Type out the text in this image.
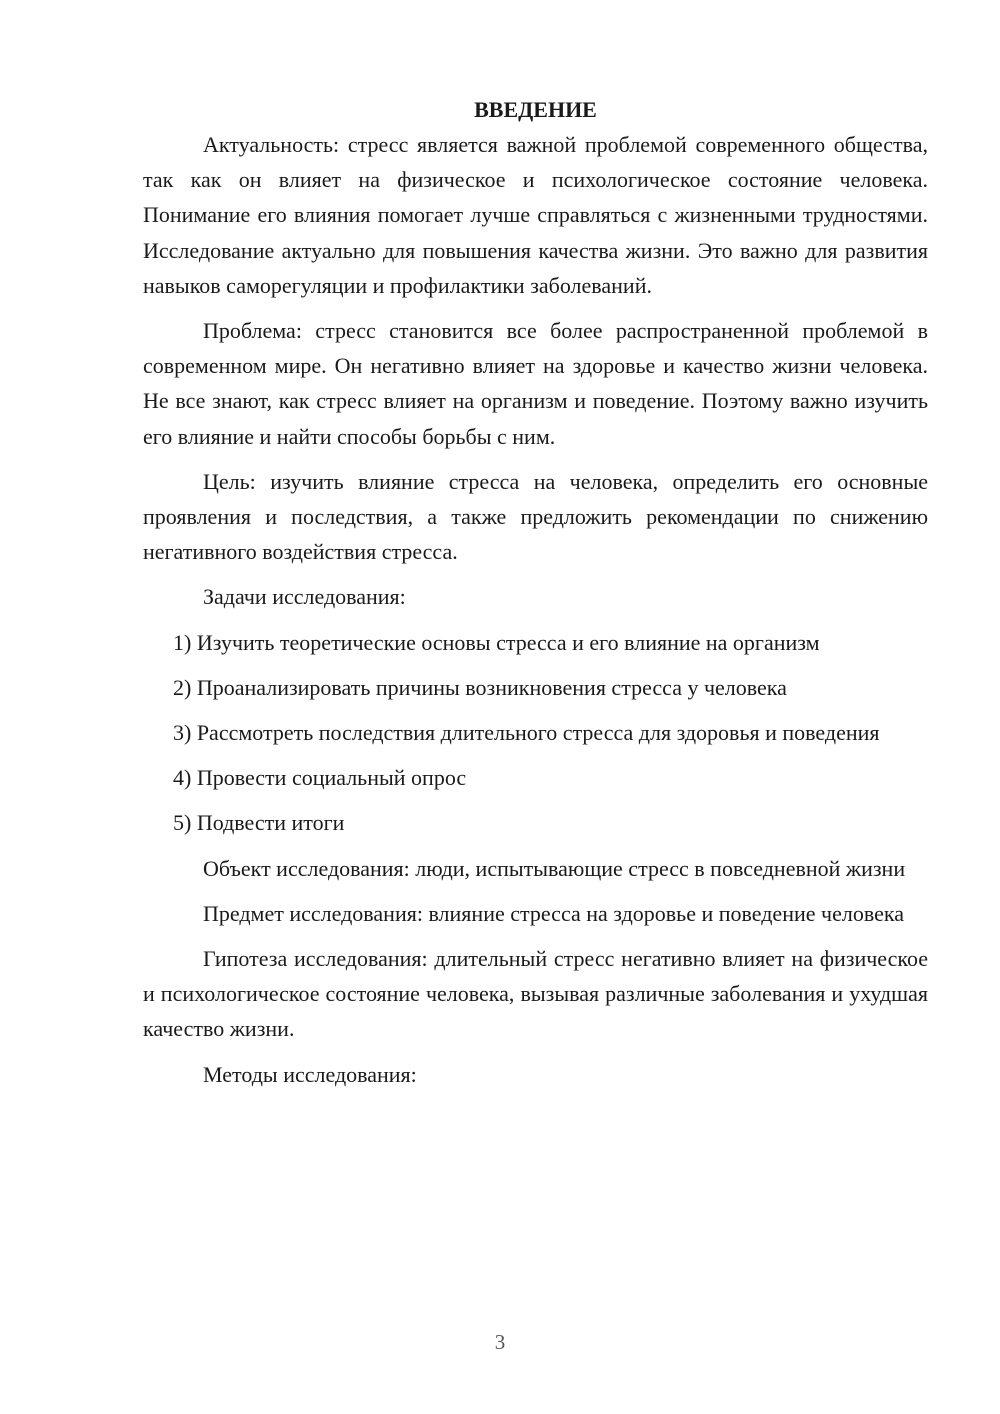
ВВЕДЕНИЕ

Актуальность: стресс является важной проблемой современного общества, так как он влияет на физическое и психологическое состояние человека. Понимание его влияния помогает лучше справляться с жизненными трудностями. Исследование актуально для повышения качества жизни. Это важно для развития навыков саморегуляции и профилактики заболеваний.

Проблема: стресс становится все более распространенной проблемой в современном мире. Он негативно влияет на здоровье и качество жизни человека. Не все знают, как стресс влияет на организм и поведение. Поэтому важно изучить его влияние и найти способы борьбы с ним.

Цель: изучить влияние стресса на человека, определить его основные проявления и последствия, а также предложить рекомендации по снижению негативного воздействия стресса.

Задачи исследования:

1) Изучить теоретические основы стресса и его влияние на организм

2) Проанализировать причины возникновения стресса у человека

3) Рассмотреть последствия длительного стресса для здоровья и поведения

4) Провести социальный опрос

5) Подвести итоги

Объект исследования: люди, испытывающие стресс в повседневной жизни

Предмет исследования: влияние стресса на здоровье и поведение человека

Гипотеза исследования: длительный стресс негативно влияет на физическое и психологическое состояние человека, вызывая различные заболевания и ухудшая качество жизни.

Методы исследования:

3
